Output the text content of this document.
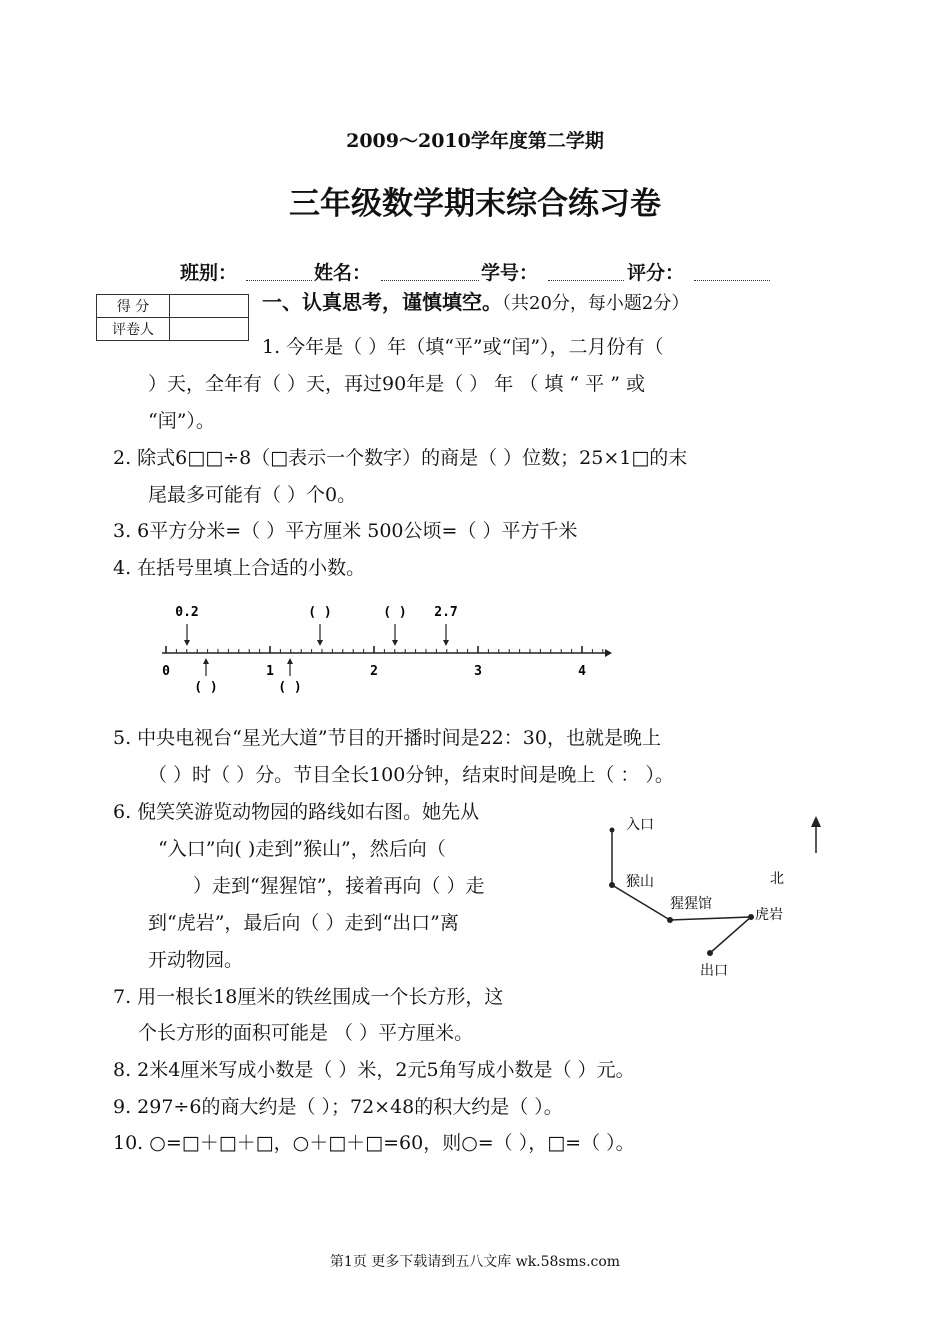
2009～2010学年度第二学期
三年级数学期末综合练习卷
班别：	姓名：	学号：	评分：
得 分	
评卷人	
一、认真思考，谨慎填空。（共20分，每小题2分）
1. 今年是（ ）年（填“平”或“闰”），二月份有（
）天，全年有（ ）天，再过90年是（ ） 年 （ 填 “ 平 ” 或
“闰”）。
2. 除式6□□÷8（□表示一个数字）的商是（ ）位数；25×1□的末
尾最多可能有（ ）个0。
3. 6平方分米=（ ）平方厘米 500公顷=（ ）平方千米
4. 在括号里填上合适的小数。
0	1	2	3	4
0.2	( )	( ) 2.7
( )	( )
5. 中央电视台“星光大道”节目的开播时间是22：30，也就是晚上
（ ）时（ ）分。节目全长100分钟，结束时间是晚上（ ： ）。
6. 倪笑笑游览动物园的路线如右图。她先从
“入口”向( )走到”猴山”，然后向（
）走到“猩猩馆”，接着再向（ ）走
到“虎岩”，最后向（ ）走到“出口”离
开动物园。
入口
猴山
猩猩馆
虎岩
出口
北
7. 用一根长18厘米的铁丝围成一个长方形，这
个长方形的面积可能是 （ ）平方厘米。
8. 2米4厘米写成小数是（ ）米，2元5角写成小数是（ ）元。
9. 297÷6的商大约是（ ）；72×48的积大约是（ ）。
10. ○=□＋□＋□，○＋□＋□=60，则○=（ ），□=（ ）。
第1页 更多下载请到五八文库 wk.58sms.com
